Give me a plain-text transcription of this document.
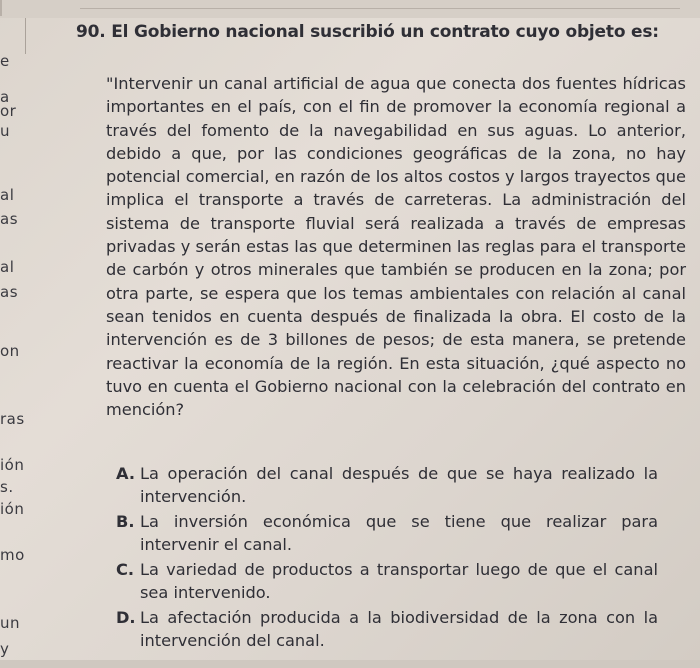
e
a
or
u
al
as
al
as
on
ras
ión
s.
ión
mo
un
y

90. El Gobierno nacional suscribió un contrato cuyo objeto es:

"Intervenir un canal artificial de agua que conecta dos fuentes hídricas importantes en el país, con el fin de promover la economía regional a través del fomento de la navegabilidad en sus aguas. Lo anterior, debido a que, por las condiciones geográficas de la zona, no hay potencial comercial, en razón de los altos costos y largos trayectos que implica el transporte a través de carreteras. La administración del sistema de transporte fluvial será realizada a través de empresas privadas y serán estas las que determinen las reglas para el transporte de carbón y otros minerales que también se producen en la zona; por otra parte, se espera que los temas ambientales con relación al canal sean tenidos en cuenta después de finalizada la obra. El costo de la intervención es de 3 billones de pesos; de esta manera, se pretende reactivar la economía de la región. En esta situación, ¿qué aspecto no tuvo en cuenta el Gobierno nacional con la celebración del contrato en mención?

A. La operación del canal después de que se haya realizado la intervención.
B. La inversión económica que se tiene que realizar para intervenir el canal.
C. La variedad de productos a transportar luego de que el canal sea intervenido.
D. La afectación producida a la biodiversidad de la zona con la intervención del canal.
